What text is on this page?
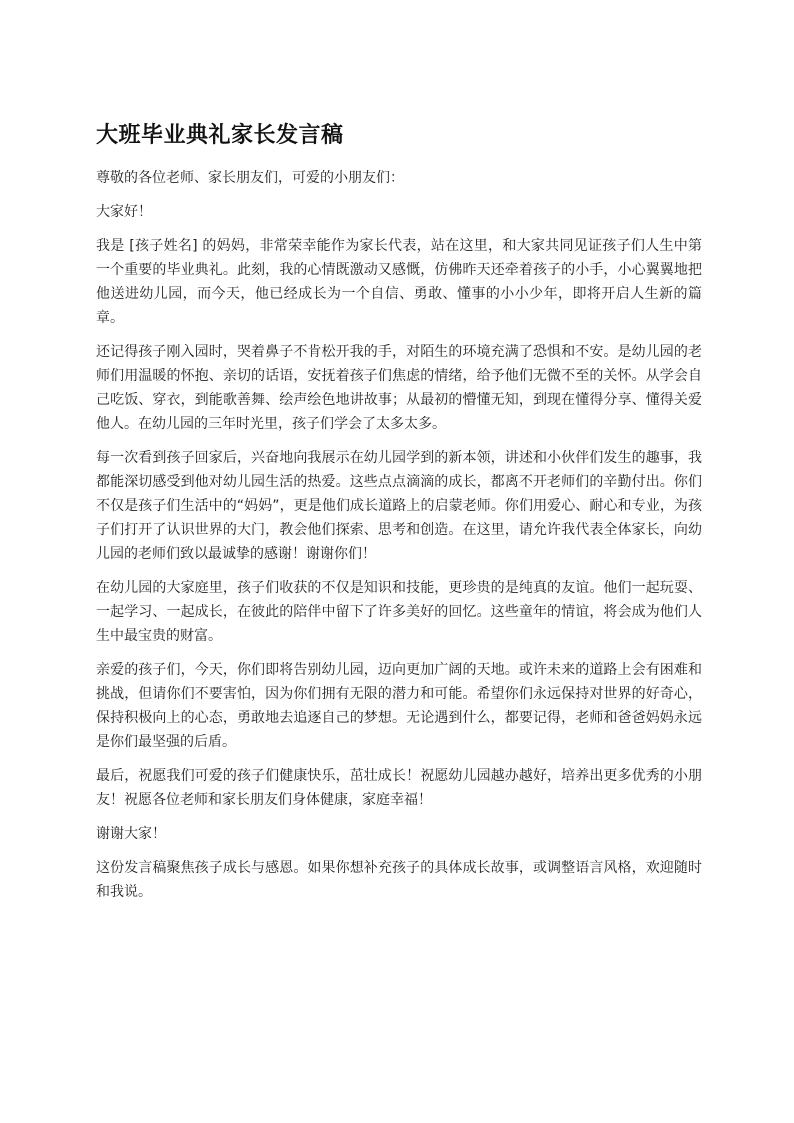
大班毕业典礼家长发言稿

尊敬的各位老师、家长朋友们，可爱的小朋友们：

大家好！

我是 [孩子姓名] 的妈妈，非常荣幸能作为家长代表，站在这里，和大家共同见证孩子们人生中第一个重要的毕业典礼。此刻，我的心情既激动又感慨，仿佛昨天还牵着孩子的小手，小心翼翼地把他送进幼儿园，而今天，他已经成长为一个自信、勇敢、懂事的小小少年，即将开启人生新的篇章。

还记得孩子刚入园时，哭着鼻子不肯松开我的手，对陌生的环境充满了恐惧和不安。是幼儿园的老师们用温暖的怀抱、亲切的话语，安抚着孩子们焦虑的情绪，给予他们无微不至的关怀。从学会自己吃饭、穿衣，到能歌善舞、绘声绘色地讲故事；从最初的懵懂无知，到现在懂得分享、懂得关爱他人。在幼儿园的三年时光里，孩子们学会了太多太多。

每一次看到孩子回家后，兴奋地向我展示在幼儿园学到的新本领，讲述和小伙伴们发生的趣事，我都能深切感受到他对幼儿园生活的热爱。这些点点滴滴的成长，都离不开老师们的辛勤付出。你们不仅是孩子们生活中的“妈妈”，更是他们成长道路上的启蒙老师。你们用爱心、耐心和专业，为孩子们打开了认识世界的大门，教会他们探索、思考和创造。在这里，请允许我代表全体家长，向幼儿园的老师们致以最诚挚的感谢！谢谢你们！

在幼儿园的大家庭里，孩子们收获的不仅是知识和技能，更珍贵的是纯真的友谊。他们一起玩耍、一起学习、一起成长，在彼此的陪伴中留下了许多美好的回忆。这些童年的情谊，将会成为他们人生中最宝贵的财富。

亲爱的孩子们，今天，你们即将告别幼儿园，迈向更加广阔的天地。或许未来的道路上会有困难和挑战，但请你们不要害怕，因为你们拥有无限的潜力和可能。希望你们永远保持对世界的好奇心，保持积极向上的心态，勇敢地去追逐自己的梦想。无论遇到什么，都要记得，老师和爸爸妈妈永远是你们最坚强的后盾。

最后，祝愿我们可爱的孩子们健康快乐，茁壮成长！祝愿幼儿园越办越好，培养出更多优秀的小朋友！祝愿各位老师和家长朋友们身体健康，家庭幸福！

谢谢大家！

这份发言稿聚焦孩子成长与感恩。如果你想补充孩子的具体成长故事，或调整语言风格，欢迎随时和我说。
